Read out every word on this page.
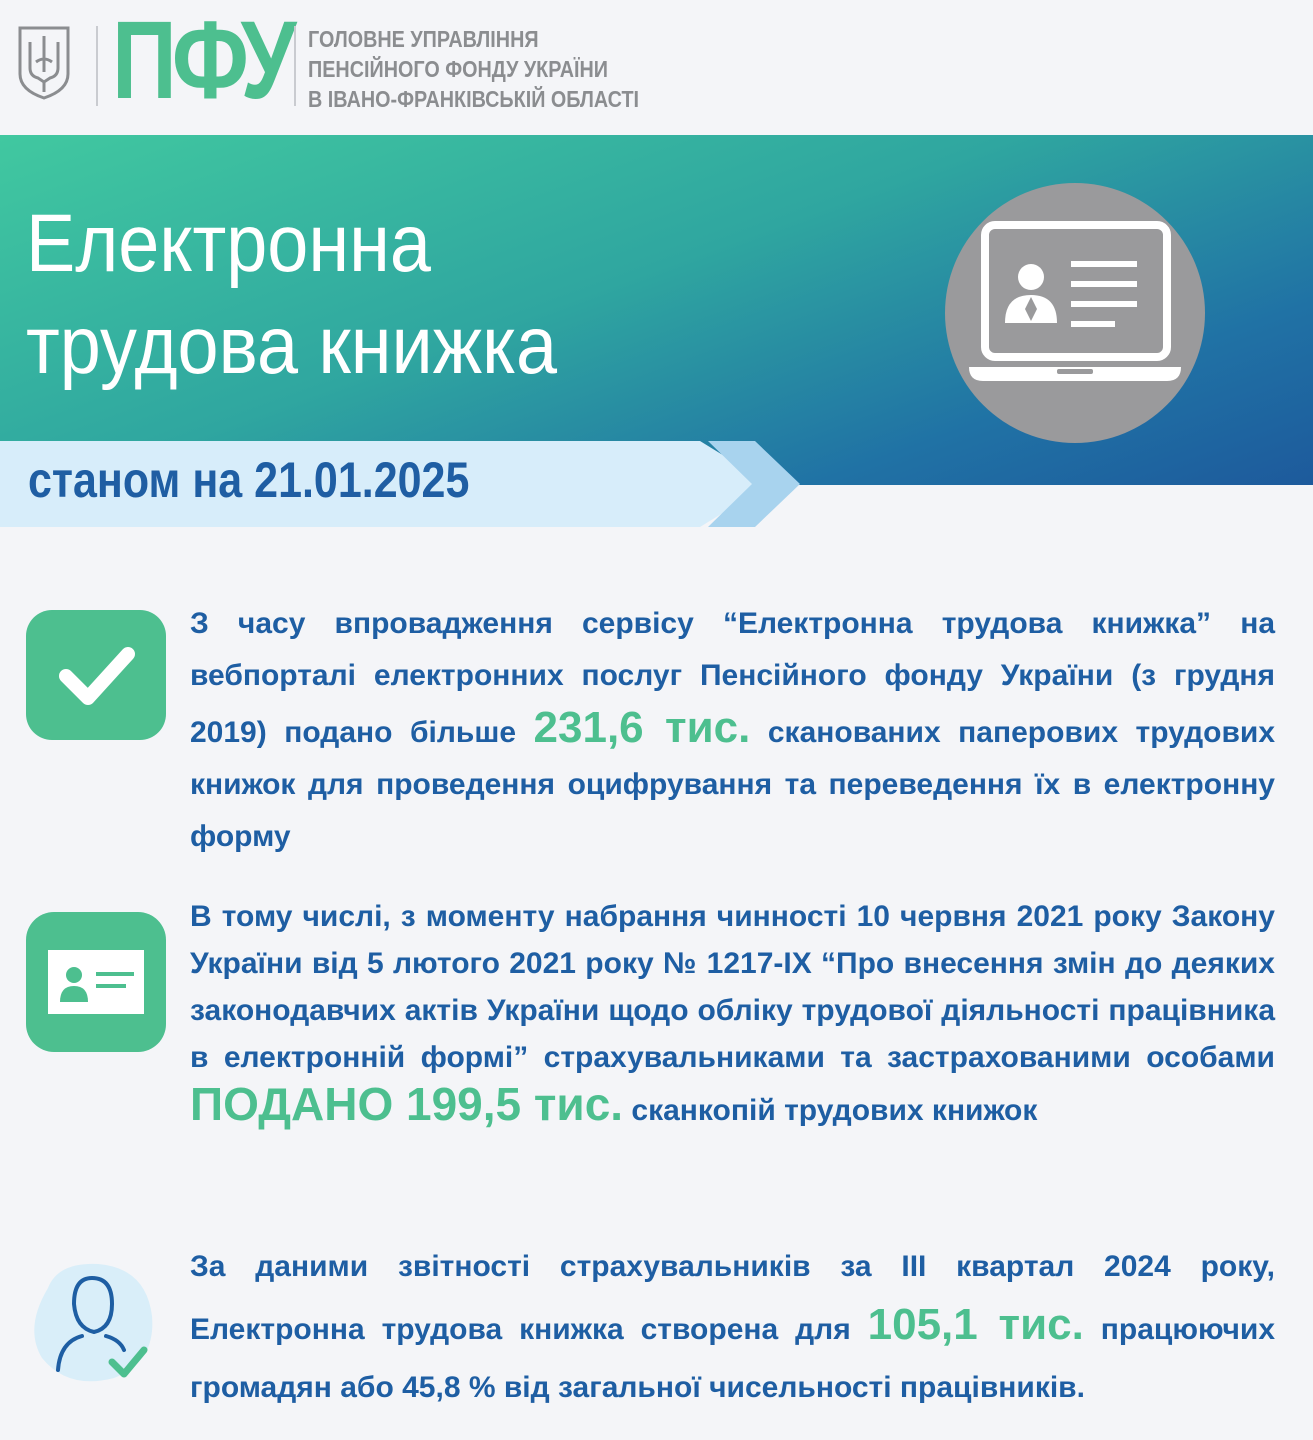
ПФУ ГОЛОВНЕ УПРАВЛІННЯ
ПЕНСІЙНОГО ФОНДУ УКРАЇНИ
В ІВАНО-ФРАНКІВСЬКІЙ ОБЛАСТІ
Електронна
трудова книжка
станом на 21.01.2025
З часу впровадження сервісу “Електронна трудова книжка” на вебпорталі електронних послуг Пенсійного фонду України (з грудня 2019) подано більше 231,6 тис. сканованих паперових трудових книжок для проведення оцифрування та переведення їх в електронну форму
В тому числі, з моменту набрання чинності 10 червня 2021 року Закону України від 5 лютого 2021 року № 1217-IX “Про внесення змін до деяких законодавчих актів України щодо обліку трудової діяльності працівника в електронній формі” страхувальниками та застрахованими особами ПОДАНО 199,5 тис. сканкопій трудових книжок
За даними звітності страхувальників за III квартал 2024 року, Електронна трудова книжка створена для 105,1 тис. працюючих громадян або 45,8 % від загальної чисельності працівників.
